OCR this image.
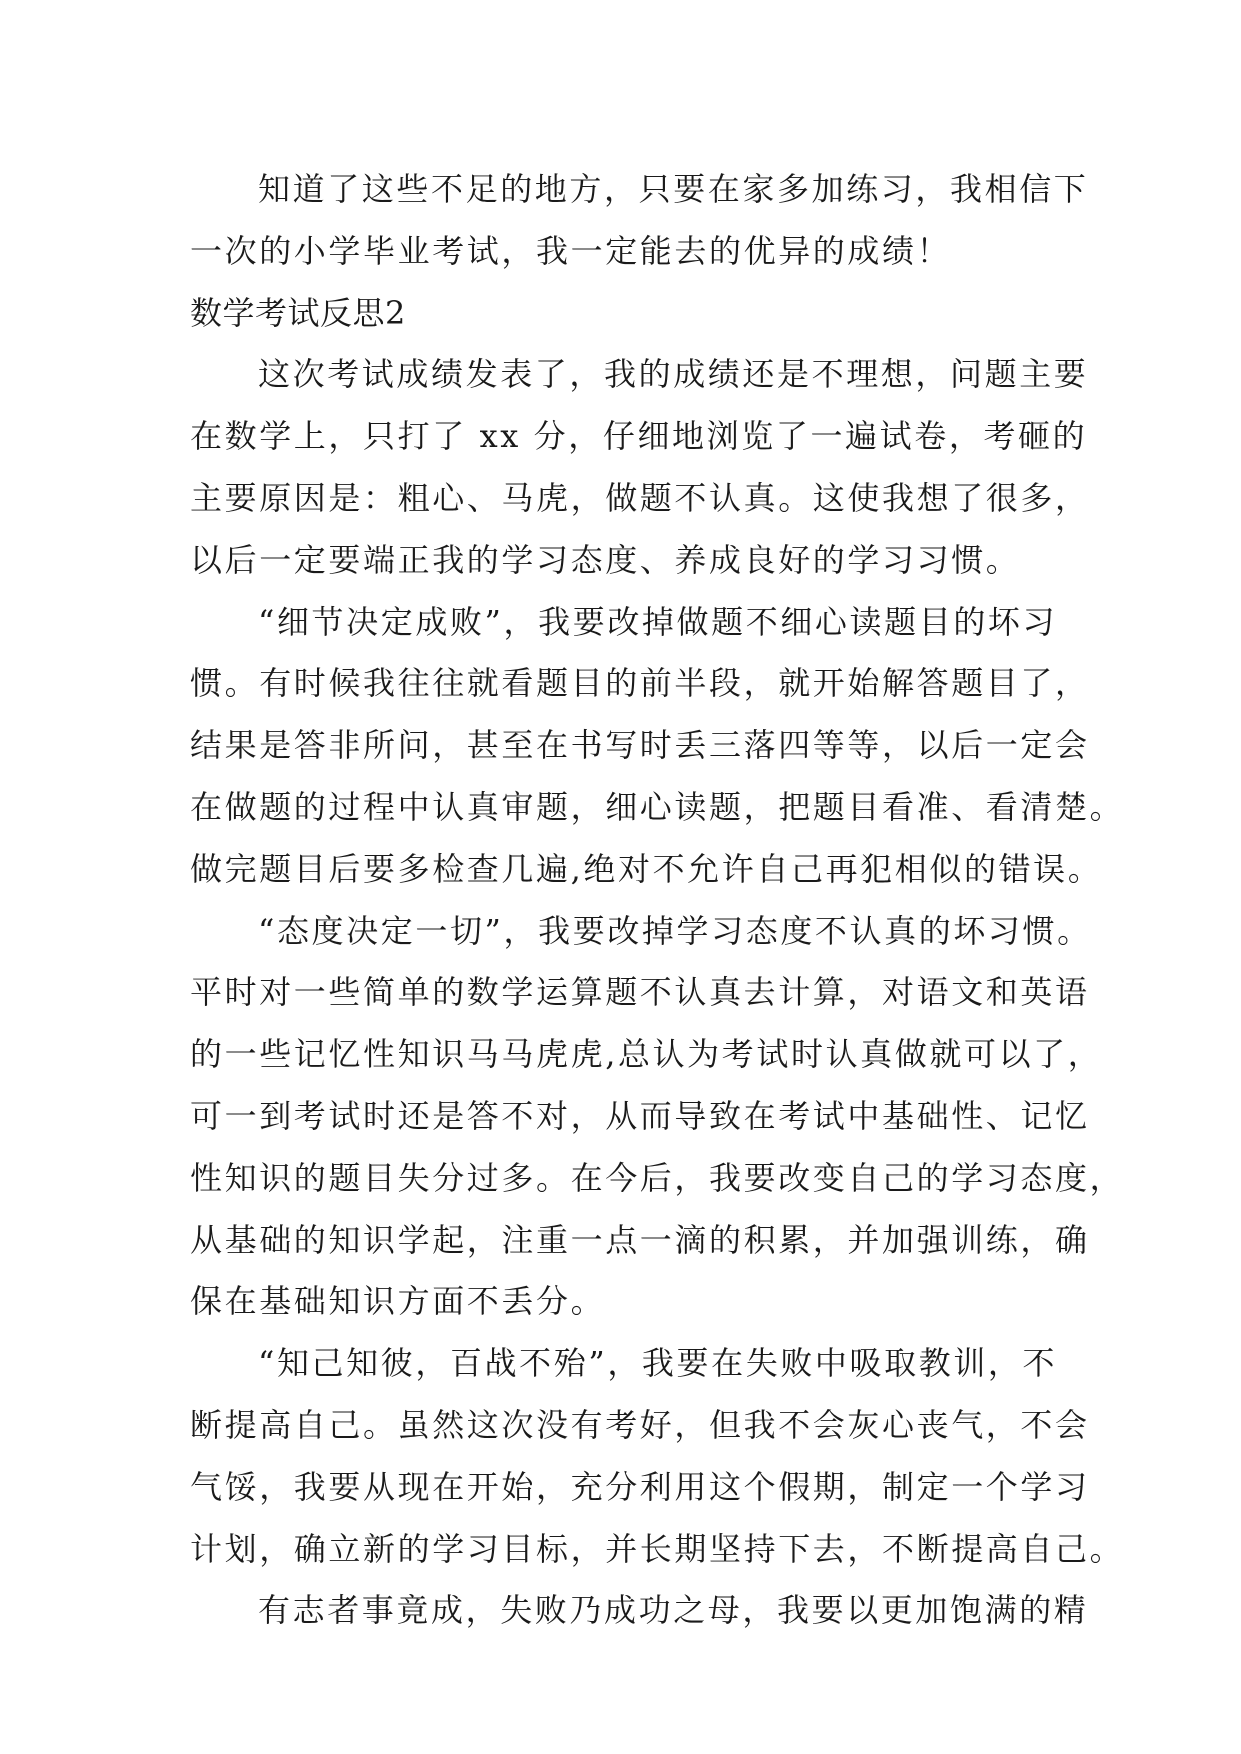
知道了这些不足的地方，只要在家多加练习，我相信下
一次的小学毕业考试，我一定能去的优异的成绩！
数学考试反思2
这次考试成绩发表了，我的成绩还是不理想，问题主要
在数学上，只打了 xx 分，仔细地浏览了一遍试卷，考砸的
主要原因是：粗心、马虎，做题不认真。这使我想了很多，
以后一定要端正我的学习态度、养成良好的学习习惯。
“细节决定成败”，我要改掉做题不细心读题目的坏习
惯。有时候我往往就看题目的前半段，就开始解答题目了，
结果是答非所问，甚至在书写时丢三落四等等，以后一定会
在做题的过程中认真审题，细心读题，把题目看准、看清楚。
做完题目后要多检查几遍,绝对不允许自己再犯相似的错误。
“态度决定一切”，我要改掉学习态度不认真的坏习惯。
平时对一些简单的数学运算题不认真去计算，对语文和英语
的一些记忆性知识马马虎虎,总认为考试时认真做就可以了，
可一到考试时还是答不对，从而导致在考试中基础性、记忆
性知识的题目失分过多。在今后，我要改变自己的学习态度，
从基础的知识学起，注重一点一滴的积累，并加强训练，确
保在基础知识方面不丢分。
“知己知彼，百战不殆”，我要在失败中吸取教训，不
断提高自己。虽然这次没有考好，但我不会灰心丧气，不会
气馁，我要从现在开始，充分利用这个假期，制定一个学习
计划，确立新的学习目标，并长期坚持下去，不断提高自己。
有志者事竟成，失败乃成功之母，我要以更加饱满的精
